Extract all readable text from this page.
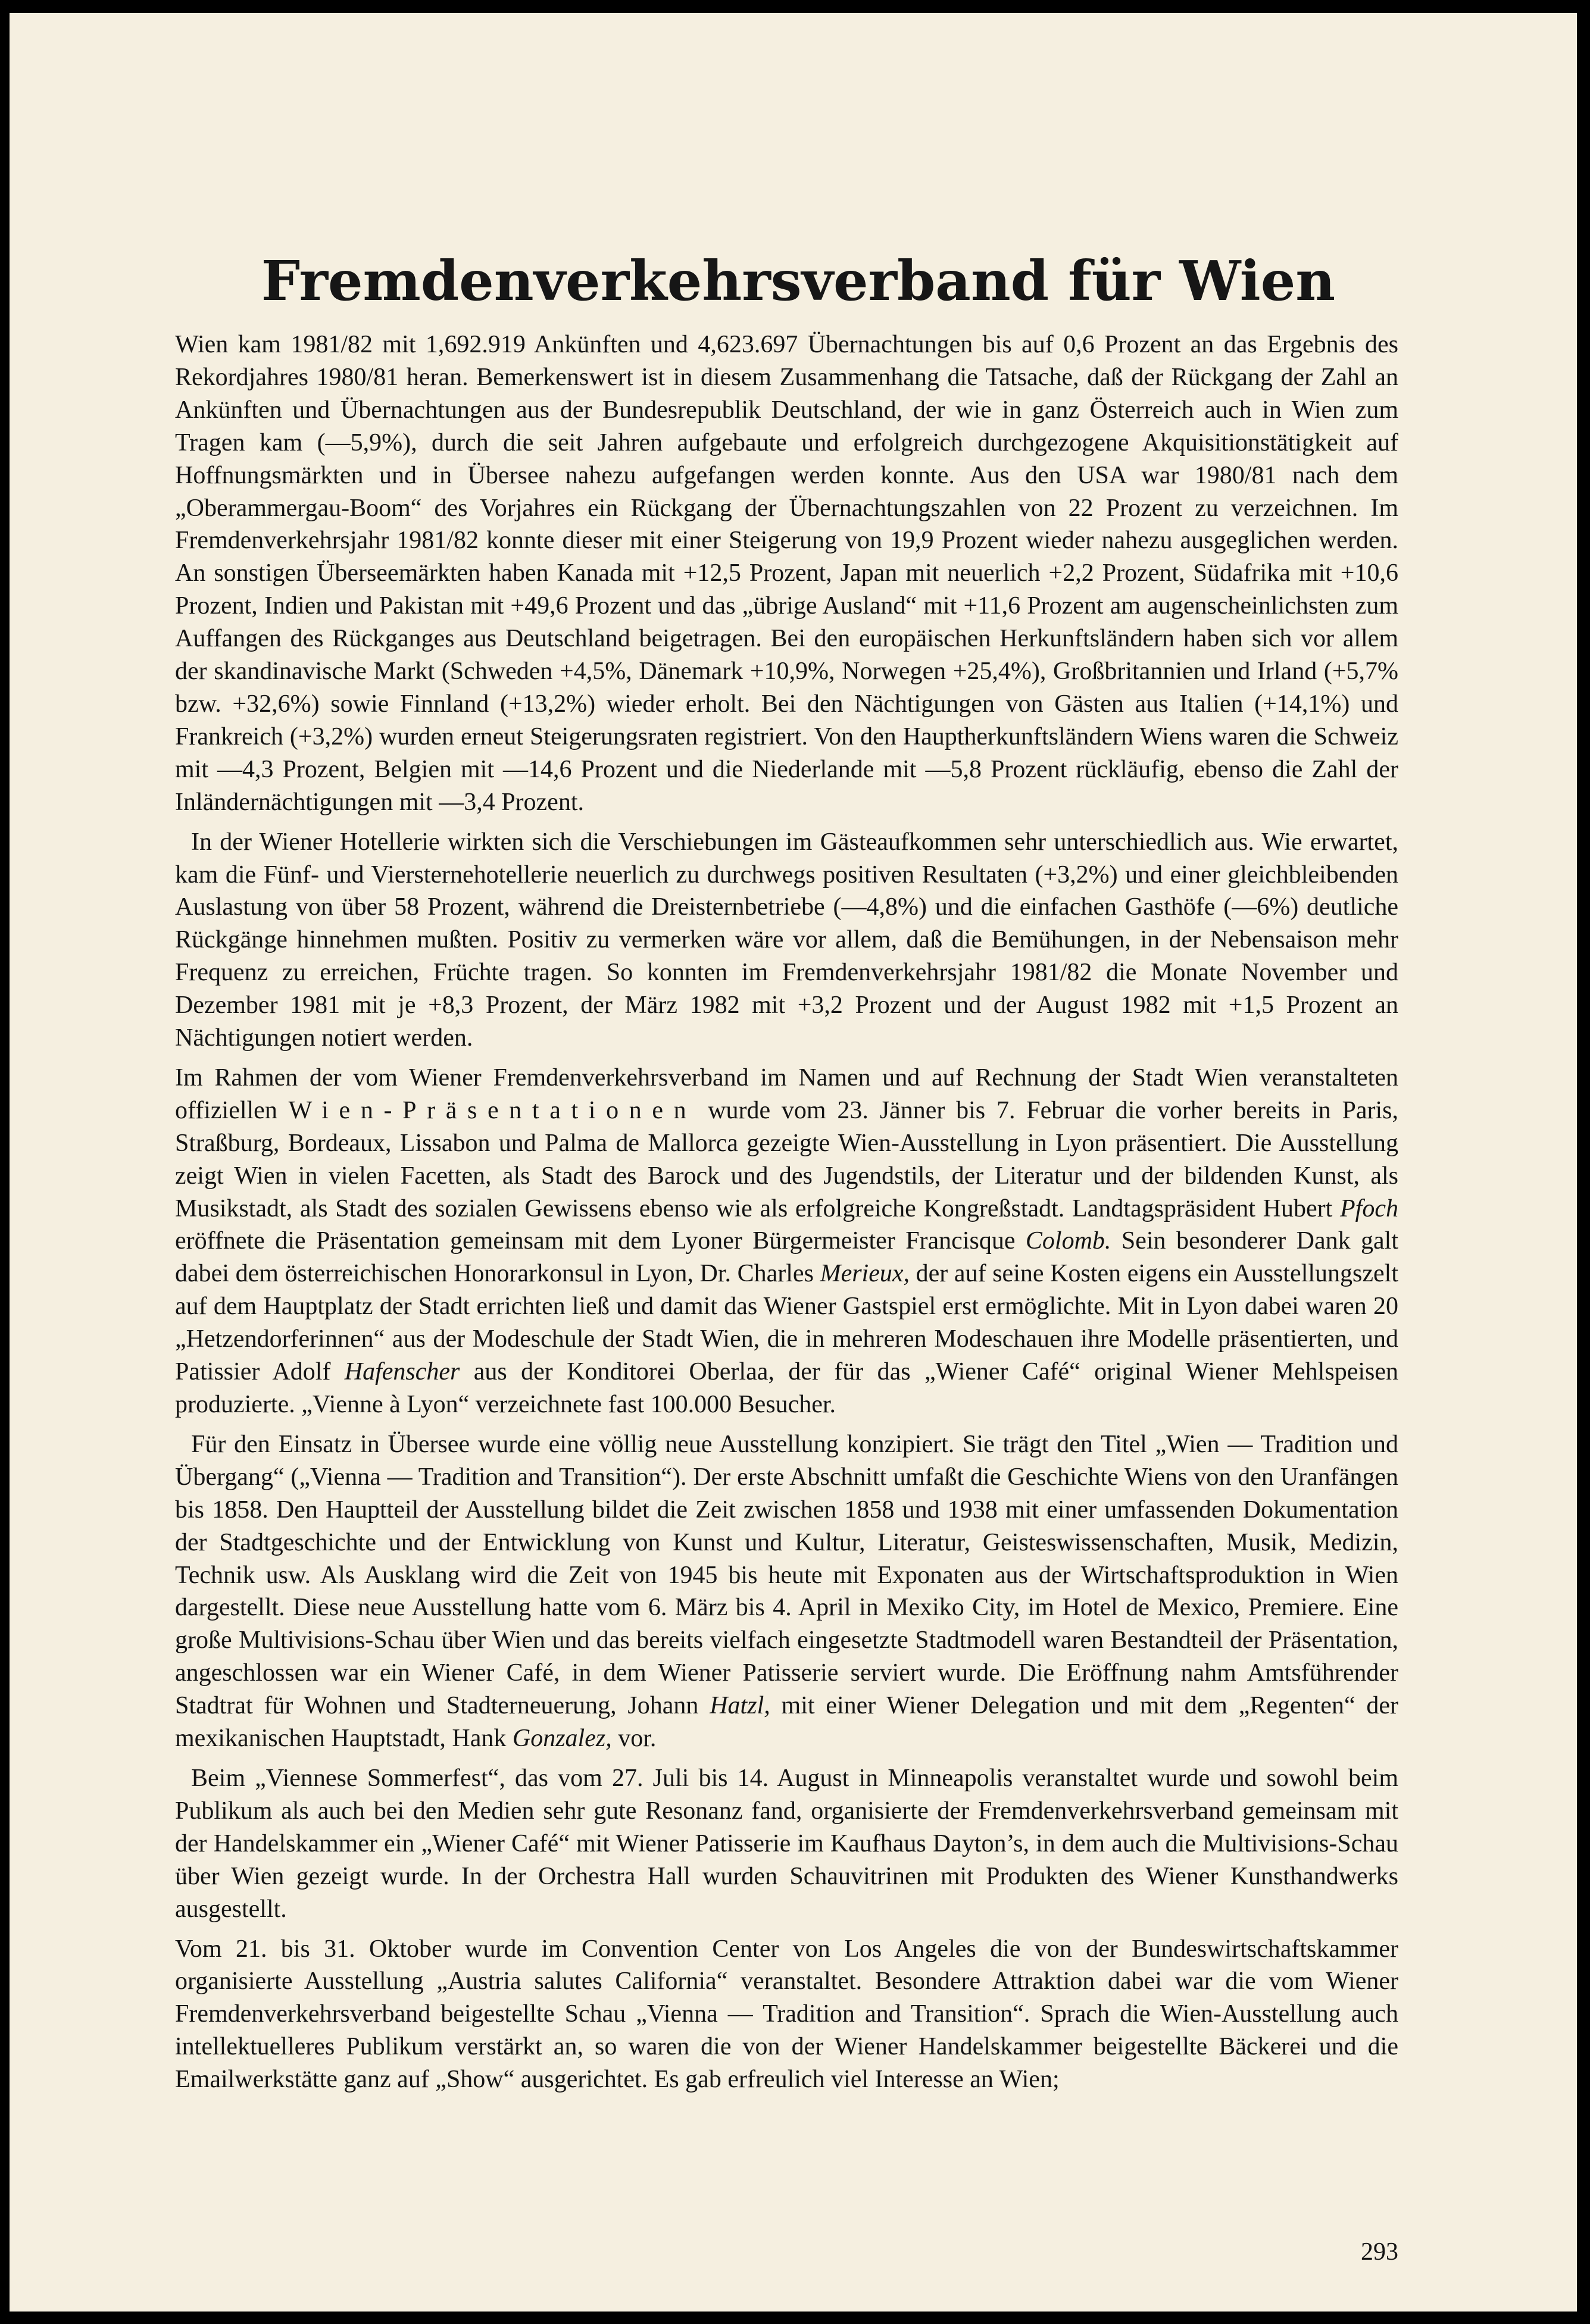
Fremdenverkehrsverband für Wien

Wien kam 1981/82 mit 1,692.919 Ankünften und 4,623.697 Übernachtungen bis auf 0,6 Prozent an das Ergebnis des Rekordjahres 1980/81 heran. Bemerkenswert ist in diesem Zusammenhang die Tatsache, daß der Rückgang der Zahl an Ankünften und Übernachtungen aus der Bundesrepublik Deutschland, der wie in ganz Österreich auch in Wien zum Tragen kam (—5,9%), durch die seit Jahren aufgebaute und erfolgreich durchgezogene Akquisitionstätigkeit auf Hoffnungsmärkten und in Übersee nahezu aufgefangen werden konnte. Aus den USA war 1980/81 nach dem „Oberammergau-Boom“ des Vorjahres ein Rückgang der Übernachtungszahlen von 22 Prozent zu verzeichnen. Im Fremdenverkehrsjahr 1981/82 konnte dieser mit einer Steigerung von 19,9 Prozent wieder nahezu ausgeglichen werden. An sonstigen Überseemärkten haben Kanada mit +12,5 Prozent, Japan mit neuerlich +2,2 Prozent, Südafrika mit +10,6 Prozent, Indien und Pakistan mit +49,6 Prozent und das „übrige Ausland“ mit +11,6 Prozent am augenscheinlichsten zum Auffangen des Rückganges aus Deutschland beigetragen. Bei den europäischen Herkunftsländern haben sich vor allem der skandinavische Markt (Schweden +4,5%, Dänemark +10,9%, Norwegen +25,4%), Großbritannien und Irland (+5,7% bzw. +32,6%) sowie Finnland (+13,2%) wieder erholt. Bei den Nächtigungen von Gästen aus Italien (+14,1%) und Frankreich (+3,2%) wurden erneut Steigerungsraten registriert. Von den Hauptherkunftsländern Wiens waren die Schweiz mit —4,3 Prozent, Belgien mit —14,6 Prozent und die Niederlande mit —5,8 Prozent rückläufig, ebenso die Zahl der Inländernächtigungen mit —3,4 Prozent.

In der Wiener Hotellerie wirkten sich die Verschiebungen im Gästeaufkommen sehr unterschiedlich aus. Wie erwartet, kam die Fünf- und Viersternehotellerie neuerlich zu durchwegs positiven Resultaten (+3,2%) und einer gleichbleibenden Auslastung von über 58 Prozent, während die Dreisternbetriebe (—4,8%) und die einfachen Gasthöfe (—6%) deutliche Rückgänge hinnehmen mußten. Positiv zu vermerken wäre vor allem, daß die Bemühungen, in der Nebensaison mehr Frequenz zu erreichen, Früchte tragen. So konnten im Fremdenverkehrsjahr 1981/82 die Monate November und Dezember 1981 mit je +8,3 Prozent, der März 1982 mit +3,2 Prozent und der August 1982 mit +1,5 Prozent an Nächtigungen notiert werden.

Im Rahmen der vom Wiener Fremdenverkehrsverband im Namen und auf Rechnung der Stadt Wien veranstalteten offiziellen Wien-Präsentationen wurde vom 23. Jänner bis 7. Februar die vorher bereits in Paris, Straßburg, Bordeaux, Lissabon und Palma de Mallorca gezeigte Wien-Ausstellung in Lyon präsentiert. Die Ausstellung zeigt Wien in vielen Facetten, als Stadt des Barock und des Jugendstils, der Literatur und der bildenden Kunst, als Musikstadt, als Stadt des sozialen Gewissens ebenso wie als erfolgreiche Kongreßstadt. Landtagspräsident Hubert Pfoch eröffnete die Präsentation gemeinsam mit dem Lyoner Bürgermeister Francisque Colomb. Sein besonderer Dank galt dabei dem österreichischen Honorarkonsul in Lyon, Dr. Charles Merieux, der auf seine Kosten eigens ein Ausstellungszelt auf dem Hauptplatz der Stadt errichten ließ und damit das Wiener Gastspiel erst ermöglichte. Mit in Lyon dabei waren 20 „Hetzendorferinnen“ aus der Modeschule der Stadt Wien, die in mehreren Modeschauen ihre Modelle präsentierten, und Patissier Adolf Hafenscher aus der Konditorei Oberlaa, der für das „Wiener Café“ original Wiener Mehlspeisen produzierte. „Vienne à Lyon“ verzeichnete fast 100.000 Besucher.

Für den Einsatz in Übersee wurde eine völlig neue Ausstellung konzipiert. Sie trägt den Titel „Wien — Tradition und Übergang“ („Vienna — Tradition and Transition“). Der erste Abschnitt umfaßt die Geschichte Wiens von den Uranfängen bis 1858. Den Hauptteil der Ausstellung bildet die Zeit zwischen 1858 und 1938 mit einer umfassenden Dokumentation der Stadtgeschichte und der Entwicklung von Kunst und Kultur, Literatur, Geisteswissenschaften, Musik, Medizin, Technik usw. Als Ausklang wird die Zeit von 1945 bis heute mit Exponaten aus der Wirtschaftsproduktion in Wien dargestellt. Diese neue Ausstellung hatte vom 6. März bis 4. April in Mexiko City, im Hotel de Mexico, Premiere. Eine große Multivisions-Schau über Wien und das bereits vielfach eingesetzte Stadtmodell waren Bestandteil der Präsentation, angeschlossen war ein Wiener Café, in dem Wiener Patisserie serviert wurde. Die Eröffnung nahm Amtsführender Stadtrat für Wohnen und Stadterneuerung, Johann Hatzl, mit einer Wiener Delegation und mit dem „Regenten“ der mexikanischen Hauptstadt, Hank Gonzalez, vor.

Beim „Viennese Sommerfest“, das vom 27. Juli bis 14. August in Minneapolis veranstaltet wurde und sowohl beim Publikum als auch bei den Medien sehr gute Resonanz fand, organisierte der Fremdenverkehrsverband gemeinsam mit der Handelskammer ein „Wiener Café“ mit Wiener Patisserie im Kaufhaus Dayton’s, in dem auch die Multivisions-Schau über Wien gezeigt wurde. In der Orchestra Hall wurden Schauvitrinen mit Produkten des Wiener Kunsthandwerks ausgestellt.

Vom 21. bis 31. Oktober wurde im Convention Center von Los Angeles die von der Bundeswirtschaftskammer organisierte Ausstellung „Austria salutes California“ veranstaltet. Besondere Attraktion dabei war die vom Wiener Fremdenverkehrsverband beigestellte Schau „Vienna — Tradition and Transition“. Sprach die Wien-Ausstellung auch intellektuelleres Publikum verstärkt an, so waren die von der Wiener Handelskammer beigestellte Bäckerei und die Emailwerkstätte ganz auf „Show“ ausgerichtet. Es gab erfreulich viel Interesse an Wien;

293
